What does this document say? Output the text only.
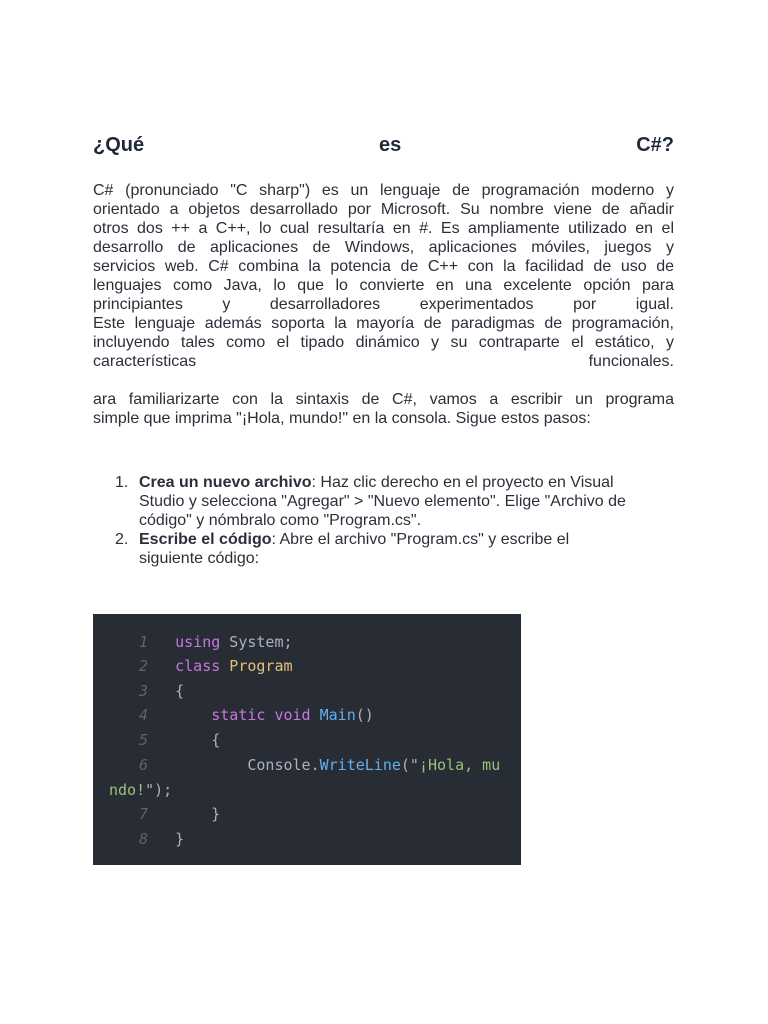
¿Qué	es	C#?
C# (pronunciado "C sharp") es un lenguaje de programación moderno y
orientado a objetos desarrollado por Microsoft. Su nombre viene de añadir
otros dos ++ a C++, lo cual resultaría en #. Es ampliamente utilizado en el
desarrollo de aplicaciones de Windows, aplicaciones móviles, juegos y
servicios web. C# combina la potencia de C++ con la facilidad de uso de
lenguajes como Java, lo que lo convierte en una excelente opción para
principiantes y desarrolladores experimentados por igual.
Este lenguaje además soporta la mayoría de paradigmas de programación,
incluyendo tales como el tipado dinámico y su contraparte el estático, y
características funcionales.
ara familiarizarte con la sintaxis de C#, vamos a escribir un programa
simple que imprima "¡Hola, mundo!" en la consola. Sigue estos pasos:
1. Crea un nuevo archivo: Haz clic derecho en el proyecto en Visual
Studio y selecciona "Agregar" > "Nuevo elemento". Elige "Archivo de
código" y nómbralo como "Program.cs".
2. Escribe el código: Abre el archivo "Program.cs" y escribe el
siguiente código:
1 using System;
2 class Program
3 {
4	static void Main()
5	{
6	Console.WriteLine("¡Hola, mu
ndo!");
7	}
8 }
